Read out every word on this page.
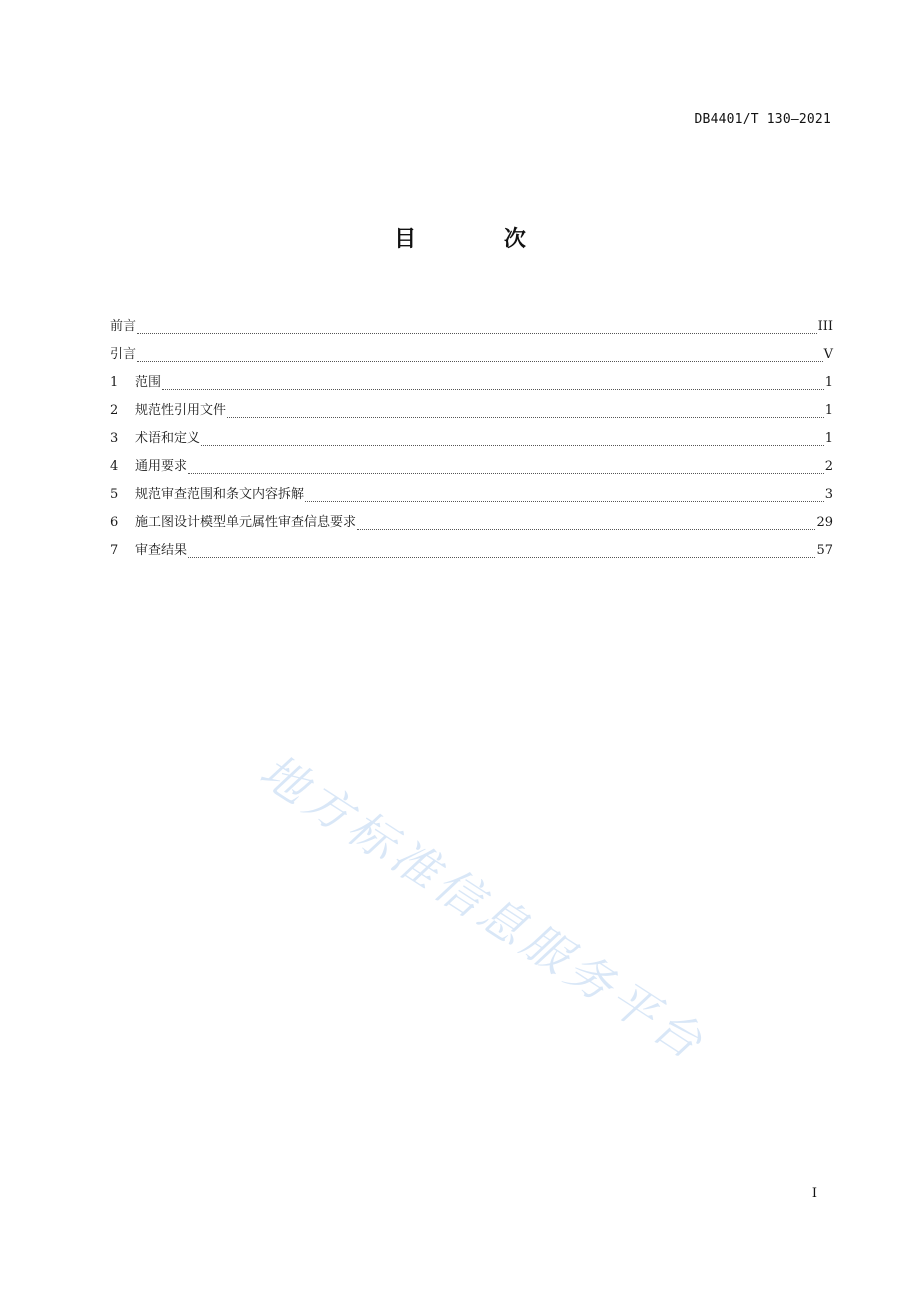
DB4401/T 130—2021
目 次
前言	III
引言	V
1	范围	1
2	规范性引用文件	1
3	术语和定义	1
4	通用要求	2
5	规范审查范围和条文内容拆解	3
6	施工图设计模型单元属性审查信息要求	29
7	审查结果	57
地方标准信息服务平台
I
